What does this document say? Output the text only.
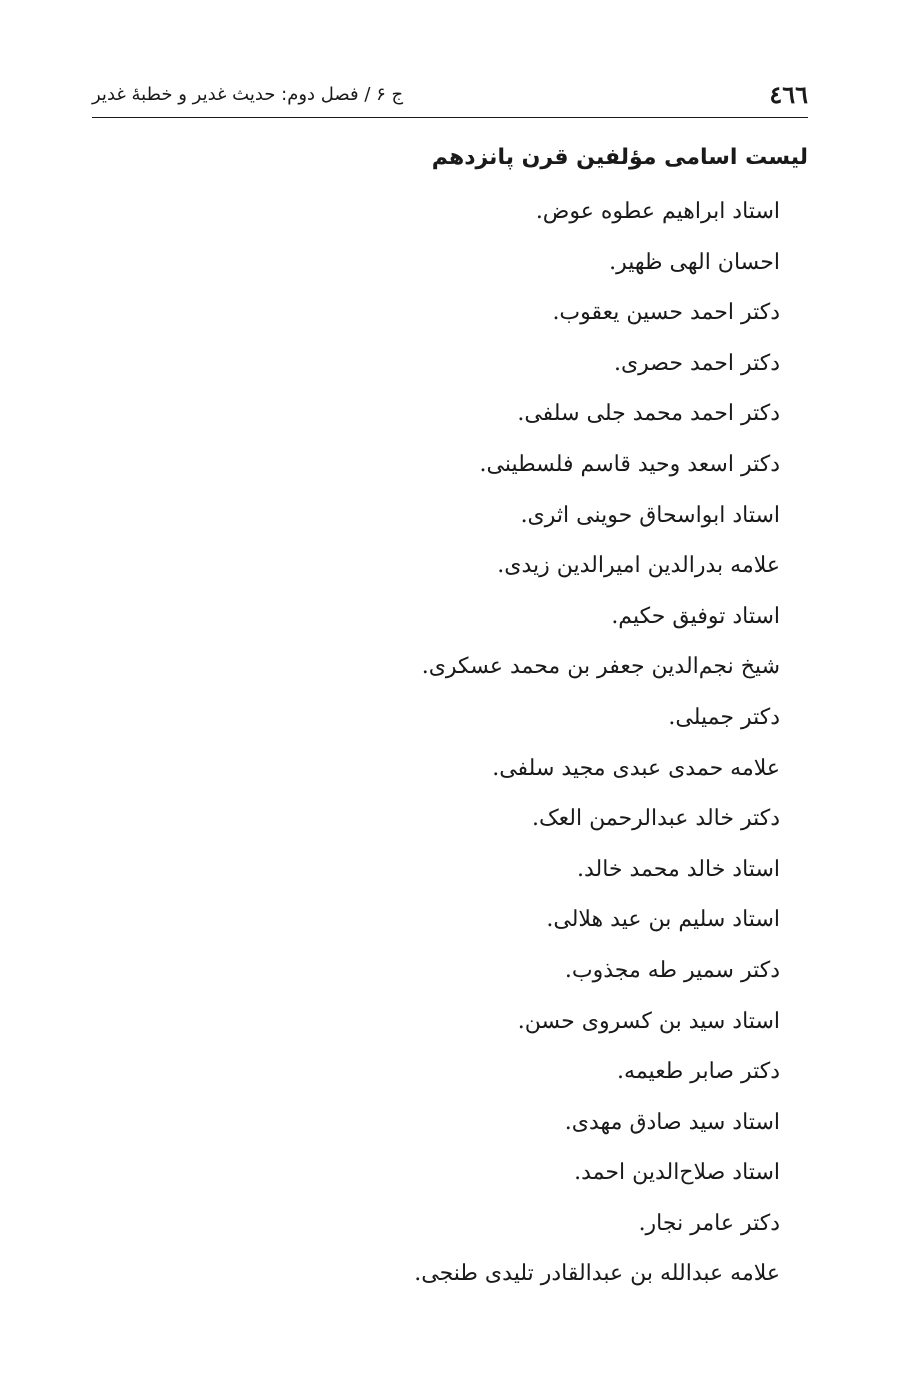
٤٦٦
ج ۶ / فصل دوم: حديث غدير و خطبهٔ غدير
ليست اسامی مؤلفين قرن پانزدهم
استاد ابراهيم عطوه عوض.
احسان الهی ظهير.
دكتر احمد حسين يعقوب.
دكتر احمد حصری.
دكتر احمد محمد جلی سلفی.
دكتر اسعد وحيد قاسم فلسطينی.
استاد ابواسحاق حوينی اثری.
علامه بدرالدين اميرالدين زيدی.
استاد توفيق حكيم.
شيخ نجم‌الدين جعفر بن محمد عسكری.
دكتر جميلی.
علامه حمدی عبدی مجيد سلفی.
دكتر خالد عبدالرحمن العک.
استاد خالد محمد خالد.
استاد سليم بن عيد هلالی.
دكتر سمير طه مجذوب.
استاد سيد بن كسروی حسن.
دكتر صابر طعيمه.
استاد سيد صادق مهدی.
استاد صلاح‌الدين احمد.
دكتر عامر نجار.
علامه عبدالله بن عبدالقادر تليدی طنجی.
